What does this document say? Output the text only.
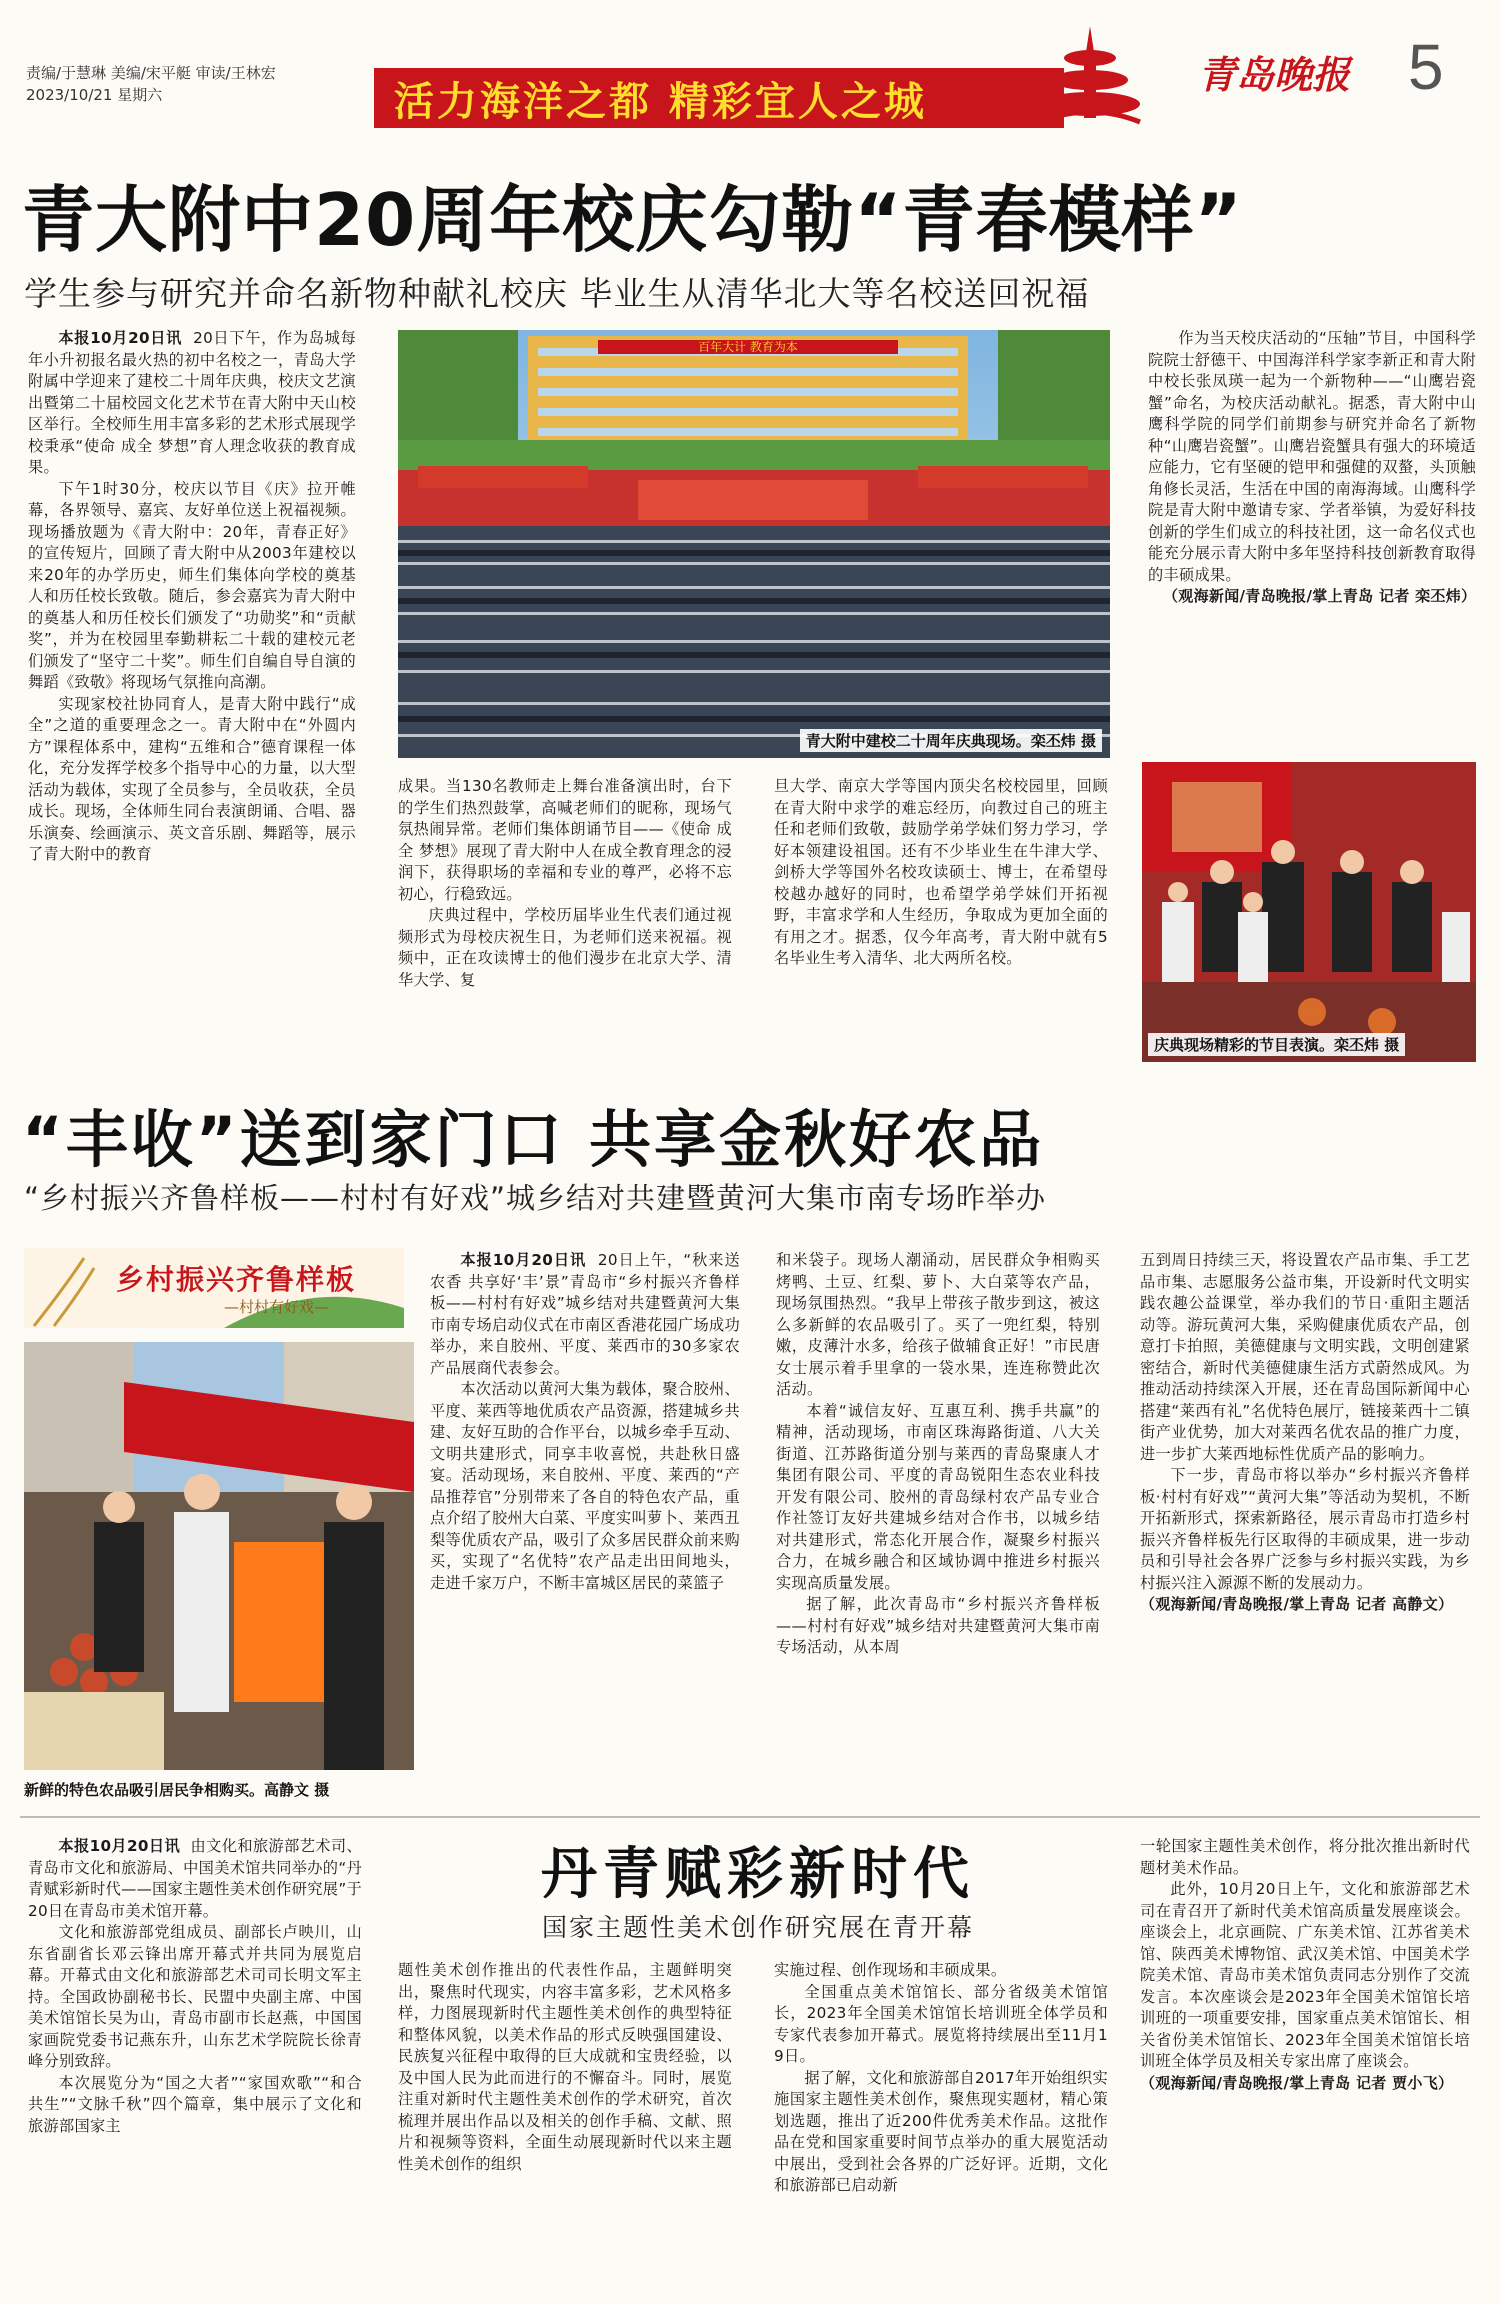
责编/于慧琳 美编/宋平艇 审读/王林宏
2023/10/21 星期六	活力海洋之都 精彩宜人之城
青岛晚报 5
青大附中20周年校庆勾勒“青春模样”
学生参与研究并命名新物种献礼校庆 毕业生从清华北大等名校送回祝福

本报10月20日讯 20日下午，作为岛城每年小升初报名最火热的初中名校之一，青岛大学附属中学迎来了建校二十周年庆典，校庆文艺演出暨第二十届校园文化艺术节在青大附中天山校区举行。全校师生用丰富多彩的艺术形式展现学校秉承“使命 成全 梦想”育人理念收获的教育成果。

下午1时30分，校庆以节目《庆》拉开帷幕，各界领导、嘉宾、友好单位送上祝福视频。现场播放题为《青大附中：20年，青春正好》的宣传短片，回顾了青大附中从2003年建校以来20年的办学历史，师生们集体向学校的奠基人和历任校长致敬。随后，参会嘉宾为青大附中的奠基人和历任校长们颁发了“功勋奖”和“贡献奖”，并为在校园里奉勤耕耘二十载的建校元老们颁发了“坚守二十奖”。师生们自编自导自演的舞蹈《致敬》将现场气氛推向高潮。

实现家校社协同育人，是青大附中践行“成全”之道的重要理念之一。青大附中在“外圆内方”课程体系中，建构“五维和合”德育课程一体化，充分发挥学校多个指导中心的力量，以大型活动为载体，实现了全员参与，全员收获，全员成长。现场，全体师生同台表演朗诵、合唱、器乐演奏、绘画演示、英文音乐剧、舞蹈等，展示了青大附中的教育

百年大计 教育为本
青大附中建校二十周年庆典现场。栾丕炜 摄

成果。当130名教师走上舞台准备演出时，台下的学生们热烈鼓掌，高喊老师们的昵称，现场气氛热闹异常。老师们集体朗诵节目——《使命 成全 梦想》展现了青大附中人在成全教育理念的浸润下，获得职场的幸福和专业的尊严，必将不忘初心，行稳致远。

庆典过程中，学校历届毕业生代表们通过视频形式为母校庆祝生日，为老师们送来祝福。视频中，正在攻读博士的他们漫步在北京大学、清华大学、复

旦大学、南京大学等国内顶尖名校校园里，回顾在青大附中求学的难忘经历，向教过自己的班主任和老师们致敬，鼓励学弟学妹们努力学习，学好本领建设祖国。还有不少毕业生在牛津大学、剑桥大学等国外名校攻读硕士、博士，在希望母校越办越好的同时，也希望学弟学妹们开拓视野，丰富求学和人生经历，争取成为更加全面的有用之才。据悉，仅今年高考，青大附中就有5名毕业生考入清华、北大两所名校。

作为当天校庆活动的“压轴”节目，中国科学院院士舒德干、中国海洋科学家李新正和青大附中校长张凤瑛一起为一个新物种——“山鹰岩瓷蟹”命名，为校庆活动献礼。据悉，青大附中山鹰科学院的同学们前期参与研究并命名了新物种“山鹰岩瓷蟹”。山鹰岩瓷蟹具有强大的环境适应能力，它有坚硬的铠甲和强健的双螯，头顶触角修长灵活，生活在中国的南海海域。山鹰科学院是青大附中邀请专家、学者举镇，为爱好科技创新的学生们成立的科技社团，这一命名仪式也能充分展示青大附中多年坚持科技创新教育取得的丰硕成果。

（观海新闻/青岛晚报/掌上青岛 记者 栾丕炜）

庆典现场精彩的节目表演。栾丕炜 摄
“丰收”送到家门口 共享金秋好农品
“乡村振兴齐鲁样板——村村有好戏”城乡结对共建暨黄河大集市南专场昨举办
乡村振兴齐鲁样板
—村村有好戏—
新鲜的特色农品吸引居民争相购买。高静文 摄

本报10月20日讯 20日上午，“秋来送农香 共享好‘丰’景”青岛市“乡村振兴齐鲁样板——村村有好戏”城乡结对共建暨黄河大集市南专场启动仪式在市南区香港花园广场成功举办，来自胶州、平度、莱西市的30多家农产品展商代表参会。

本次活动以黄河大集为载体，聚合胶州、平度、莱西等地优质农产品资源，搭建城乡共建、友好互助的合作平台，以城乡牵手互动、文明共建形式，同享丰收喜悦，共赴秋日盛宴。活动现场，来自胶州、平度、莱西的“产品推荐官”分别带来了各自的特色农产品，重点介绍了胶州大白菜、平度实叫萝卜、莱西丑梨等优质农产品，吸引了众多居民群众前来购买，实现了“名优特”农产品走出田间地头，走进千家万户，不断丰富城区居民的菜篮子

和米袋子。现场人潮涌动，居民群众争相购买烤鸭、土豆、红梨、萝卜、大白菜等农产品，现场氛围热烈。“我早上带孩子散步到这，被这么多新鲜的农品吸引了。买了一兜红梨，特别嫩，皮薄汁水多，给孩子做辅食正好！”市民唐女士展示着手里拿的一袋水果，连连称赞此次活动。

本着“诚信友好、互惠互利、携手共赢”的精神，活动现场，市南区珠海路街道、八大关街道、江苏路街道分别与莱西的青岛聚康人才集团有限公司、平度的青岛锐阳生态农业科技开发有限公司、胶州的青岛绿村农产品专业合作社签订友好共建城乡结对合作书，以城乡结对共建形式，常态化开展合作，凝聚乡村振兴合力，在城乡融合和区域协调中推进乡村振兴实现高质量发展。

据了解，此次青岛市“乡村振兴齐鲁样板——村村有好戏”城乡结对共建暨黄河大集市南专场活动，从本周

五到周日持续三天，将设置农产品市集、手工艺品市集、志愿服务公益市集，开设新时代文明实践农趣公益课堂，举办我们的节日·重阳主题活动等。游玩黄河大集，采购健康优质农产品，创意打卡拍照，美德健康与文明实践，文明创建紧密结合，新时代美德健康生活方式蔚然成风。为推动活动持续深入开展，还在青岛国际新闻中心搭建“莱西有礼”名优特色展厅，链接莱西十二镇街产业优势，加大对莱西名优农品的推广力度，进一步扩大莱西地标性优质产品的影响力。

下一步，青岛市将以举办“乡村振兴齐鲁样板·村村有好戏”“黄河大集”等活动为契机，不断开拓新形式，探索新路径，展示青岛市打造乡村振兴齐鲁样板先行区取得的丰硕成果，进一步动员和引导社会各界广泛参与乡村振兴实践，为乡村振兴注入源源不断的发展动力。

（观海新闻/青岛晚报/掌上青岛 记者 高静文）

本报10月20日讯 由文化和旅游部艺术司、青岛市文化和旅游局、中国美术馆共同举办的“丹青赋彩新时代——国家主题性美术创作研究展”于20日在青岛市美术馆开幕。

文化和旅游部党组成员、副部长卢映川，山东省副省长邓云锋出席开幕式并共同为展览启幕。开幕式由文化和旅游部艺术司司长明文军主持。全国政协副秘书长、民盟中央副主席、中国美术馆馆长吴为山，青岛市副市长赵燕，中国国家画院党委书记燕东升，山东艺术学院院长徐青峰分别致辞。

本次展览分为“国之大者”“家国欢歌”“和合共生”“文脉千秋”四个篇章，集中展示了文化和旅游部国家主

丹青赋彩新时代
国家主题性美术创作研究展在青开幕

题性美术创作推出的代表性作品，主题鲜明突出，聚焦时代现实，内容丰富多彩，艺术风格多样，力图展现新时代主题性美术创作的典型特征和整体风貌，以美术作品的形式反映强国建设、民族复兴征程中取得的巨大成就和宝贵经验，以及中国人民为此而进行的不懈奋斗。同时，展览注重对新时代主题性美术创作的学术研究，首次梳理并展出作品以及相关的创作手稿、文献、照片和视频等资料，全面生动展现新时代以来主题性美术创作的组织

实施过程、创作现场和丰硕成果。

全国重点美术馆馆长、部分省级美术馆馆长，2023年全国美术馆馆长培训班全体学员和专家代表参加开幕式。展览将持续展出至11月19日。

据了解，文化和旅游部自2017年开始组织实施国家主题性美术创作，聚焦现实题材，精心策划选题，推出了近200件优秀美术作品。这批作品在党和国家重要时间节点举办的重大展览活动中展出，受到社会各界的广泛好评。近期，文化和旅游部已启动新

一轮国家主题性美术创作，将分批次推出新时代题材美术作品。

此外，10月20日上午，文化和旅游部艺术司在青召开了新时代美术馆高质量发展座谈会。座谈会上，北京画院、广东美术馆、江苏省美术馆、陕西美术博物馆、武汉美术馆、中国美术学院美术馆、青岛市美术馆负责同志分别作了交流发言。本次座谈会是2023年全国美术馆馆长培训班的一项重要安排，国家重点美术馆馆长、相关省份美术馆馆长、2023年全国美术馆馆长培训班全体学员及相关专家出席了座谈会。

（观海新闻/青岛晚报/掌上青岛 记者 贾小飞）
